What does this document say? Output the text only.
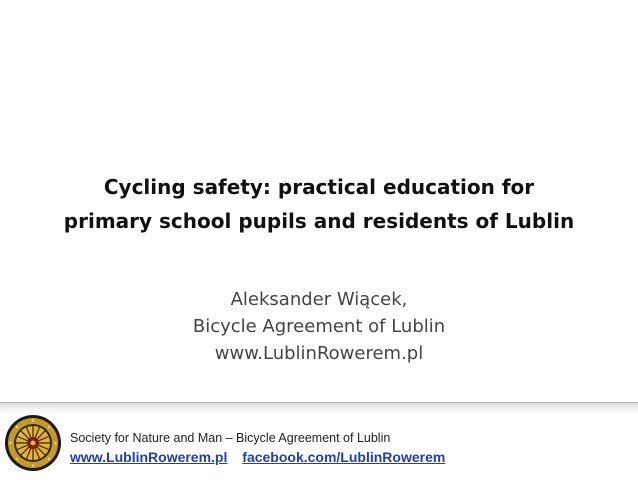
Cycling safety: practical education for
primary school pupils and residents of Lublin
Aleksander Wiącek,
Bicycle Agreement of Lublin
www.LublinRowerem.pl
Society for Nature and Man – Bicycle Agreement of Lublin
www.LublinRowerem.pl facebook.com/LublinRowerem
